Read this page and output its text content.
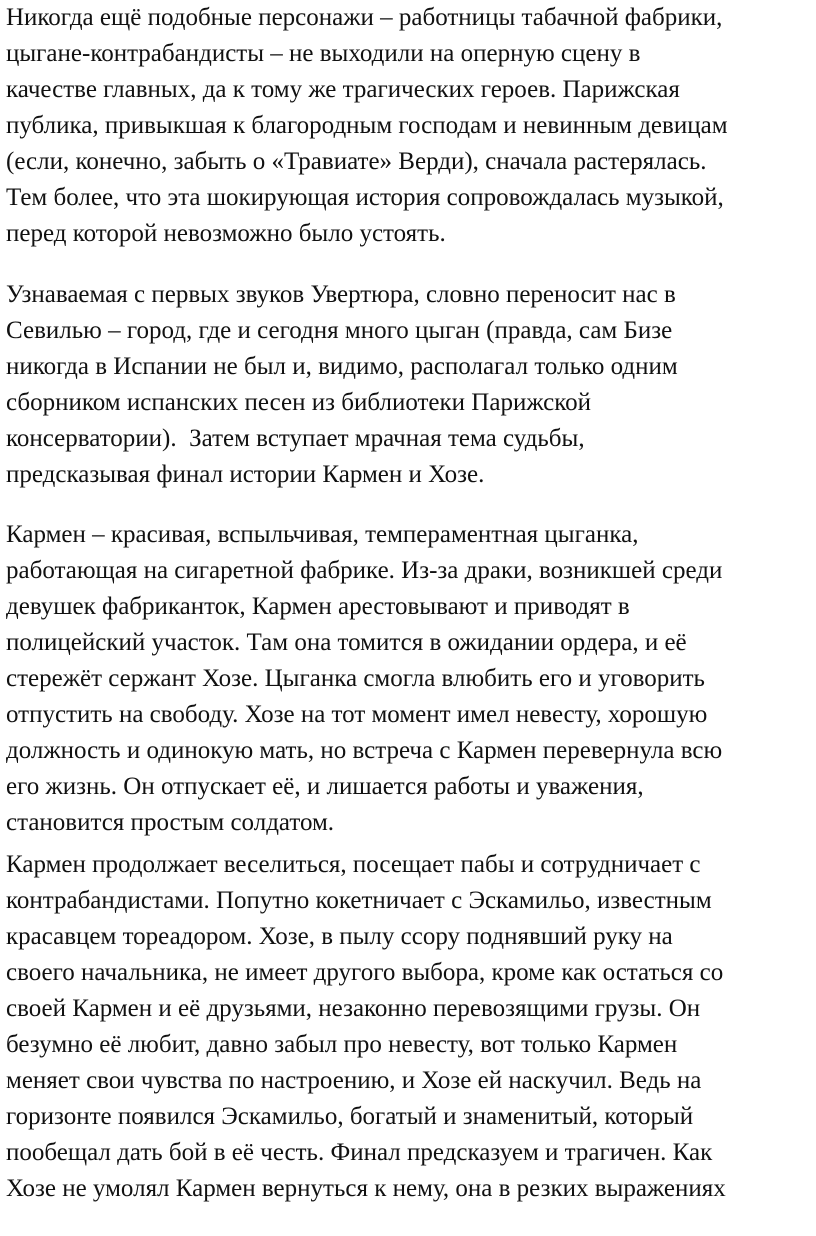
Никогда ещё подобные персонажи – работницы табачной фабрики,
цыгане-контрабандисты – не выходили на оперную сцену в
качестве главных, да к тому же трагических героев. Парижская
публика, привыкшая к благородным господам и невинным девицам
(если, конечно, забыть о «Травиате» Верди), сначала растерялась.
Тем более, что эта шокирующая история сопровождалась музыкой,
перед которой невозможно было устоять.
Узнаваемая с первых звуков Увертюра, словно переносит нас в
Севилью – город, где и сегодня много цыган (правда, сам Бизе
никогда в Испании не был и, видимо, располагал только одним
сборником испанских песен из библиотеки Парижской
консерватории).  Затем вступает мрачная тема судьбы,
предсказывая финал истории Кармен и Хозе.
Кармен – красивая, вспыльчивая, темпераментная цыганка,
работающая на сигаретной фабрике. Из-за драки, возникшей среди
девушек фабриканток, Кармен арестовывают и приводят в
полицейский участок. Там она томится в ожидании ордера, и её
стережёт сержант Хозе. Цыганка смогла влюбить его и уговорить
отпустить на свободу. Хозе на тот момент имел невесту, хорошую
должность и одинокую мать, но встреча с Кармен перевернула всю
его жизнь. Он отпускает её, и лишается работы и уважения,
становится простым солдатом.
Кармен продолжает веселиться, посещает пабы и сотрудничает с
контрабандистами. Попутно кокетничает с Эскамильо, известным
красавцем тореадором. Хозе, в пылу ссору поднявший руку на
своего начальника, не имеет другого выбора, кроме как остаться со
своей Кармен и её друзьями, незаконно перевозящими грузы. Он
безумно её любит, давно забыл про невесту, вот только Кармен
меняет свои чувства по настроению, и Хозе ей наскучил. Ведь на
горизонте появился Эскамильо, богатый и знаменитый, который
пообещал дать бой в её честь. Финал предсказуем и трагичен. Как
Хозе не умолял Кармен вернуться к нему, она в резких выражениях
